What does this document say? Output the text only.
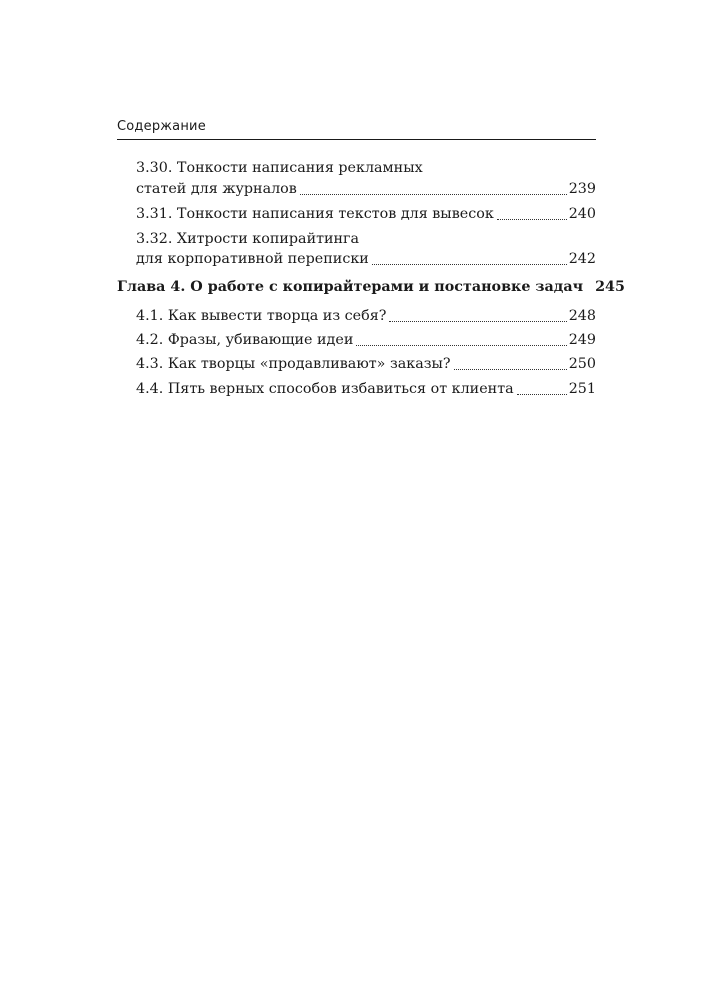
Содержание
3.30. Тонкости написания рекламных
статей для журналов	239
3.31. Тонкости написания текстов для вывесок	240
3.32. Хитрости копирайтинга
для корпоративной переписки	242
Глава 4. О работе с копирайтерами и постановке задач 245
4.1. Как вывести творца из себя?	248
4.2. Фразы, убивающие идеи	249
4.3. Как творцы «продавливают» заказы?	250
4.4. Пять верных способов избавиться от клиента	251
